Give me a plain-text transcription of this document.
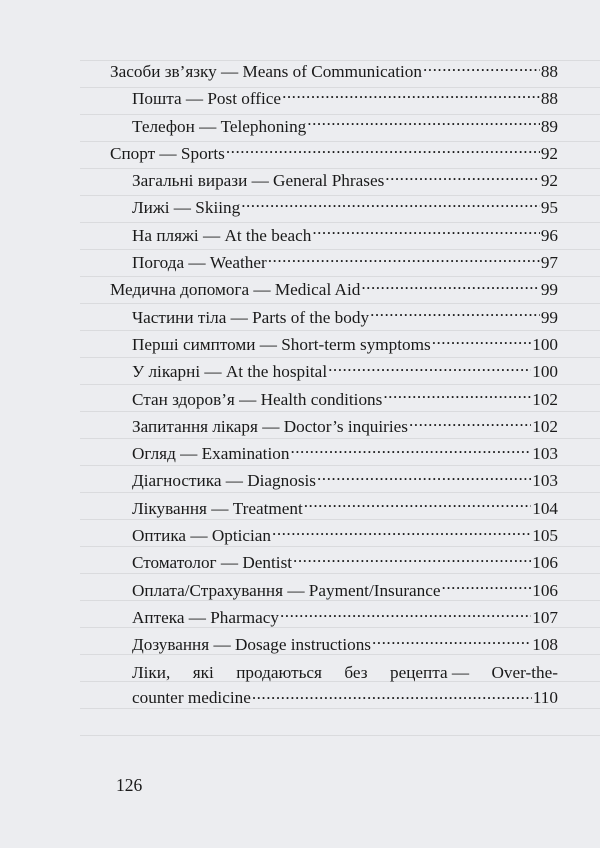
Засоби зв’язку — Means of Communication .....	88
Пошта — Post office .....	88
Телефон — Telephoning .....	89
Спорт — Sports .....	92
Загальні вирази — General Phrases .....	92
Лижі — Skiing .....	95
На пляжі — At the beach .....	96
Погода — Weather .....	97
Медична допомога — Medical Aid .....	99
Частини тіла — Parts of the body .....	99
Перші симптоми — Short-term symptoms .....	100
У лікарні — At the hospital .....	100
Стан здоров’я — Health conditions .....	102
Запитання лікаря — Doctor’s inquiries .....	102
Огляд — Examination .....	103
Діагностика — Diagnosis .....	103
Лікування — Treatment .....	104
Оптика — Optician .....	105
Стоматолог — Dentist .....	106
Оплата/Страхування — Payment/Insurance .....	106
Аптека — Pharmacy .....	107
Дозування — Dosage instructions .....	108
Ліки, які продаються без рецепта — Over-the-
counter medicine .....	110
126
